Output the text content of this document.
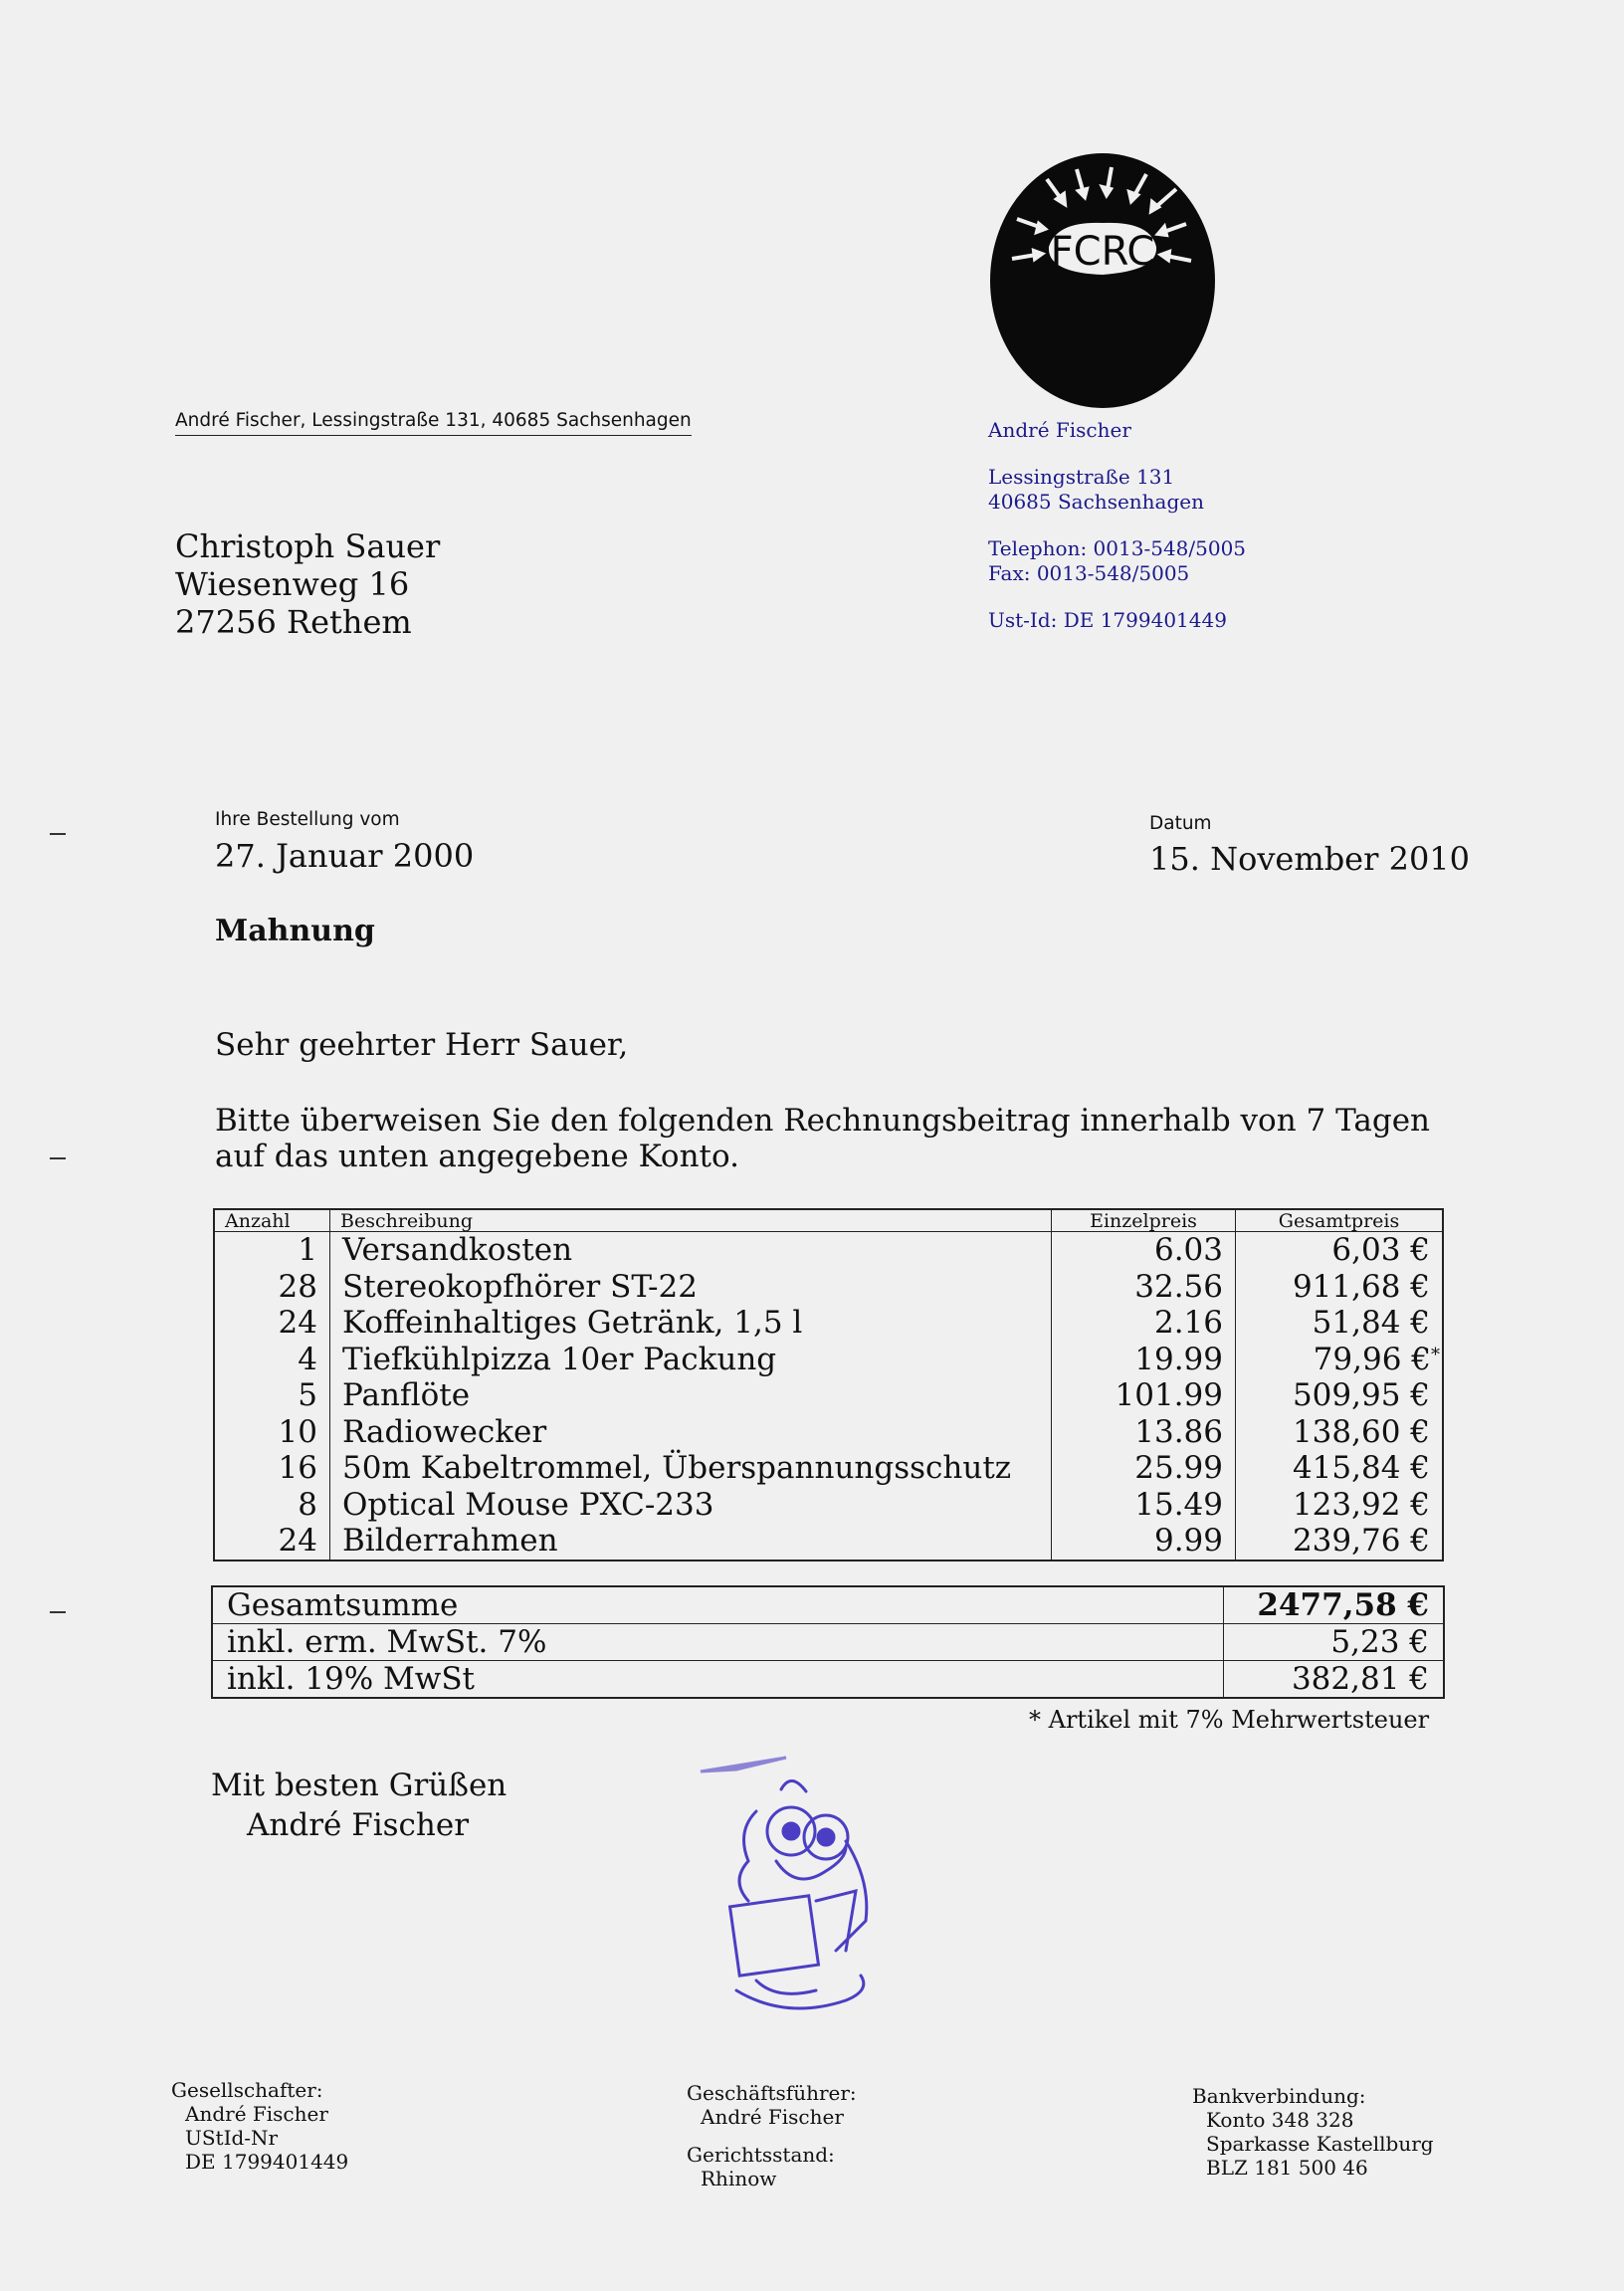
André Fischer, Lessingstraße 131, 40685 Sachsenhagen
Christoph Sauer
Wiesenweg 16
27256 Rethem
FCRC
André Fischer
Lessingstraße 131
40685 Sachsenhagen
Telephon: 0013-548/5005
Fax: 0013-548/5005
Ust-Id: DE 1799401449
Ihre Bestellung vom
27. Januar 2000
Datum
15. November 2010
Mahnung
Sehr geehrter Herr Sauer,
Bitte überweisen Sie den folgenden Rechnungsbeitrag innerhalb von 7 Tagen
auf das unten angegebene Konto.
Anzahl	Beschreibung	Einzelpreis	Gesamtpreis
1	Versandkosten	6.03	6,03 €
28	Stereokopfhörer ST-22	32.56	911,68 €
24	Koffeinhaltiges Getränk, 1,5 l	2.16	51,84 €
4	Tiefkühlpizza 10er Packung	19.99	79,96 €*
5	Panflöte	101.99	509,95 €
10	Radiowecker	13.86	138,60 €
16	50m Kabeltrommel, Überspannungsschutz	25.99	415,84 €
8	Optical Mouse PXC-233	15.49	123,92 €
24	Bilderrahmen	9.99	239,76 €
Gesamtsumme	2477,58 €
inkl. erm. MwSt. 7%	5,23 €
inkl. 19% MwSt	382,81 €
* Artikel mit 7% Mehrwertsteuer
Mit besten Grüßen
André Fischer
Gesellschafter:
André Fischer
UStId-Nr
DE 1799401449
Geschäftsführer:
André Fischer
Gerichtsstand:
Rhinow
Bankverbindung:
Konto 348 328
Sparkasse Kastellburg
BLZ 181 500 46
